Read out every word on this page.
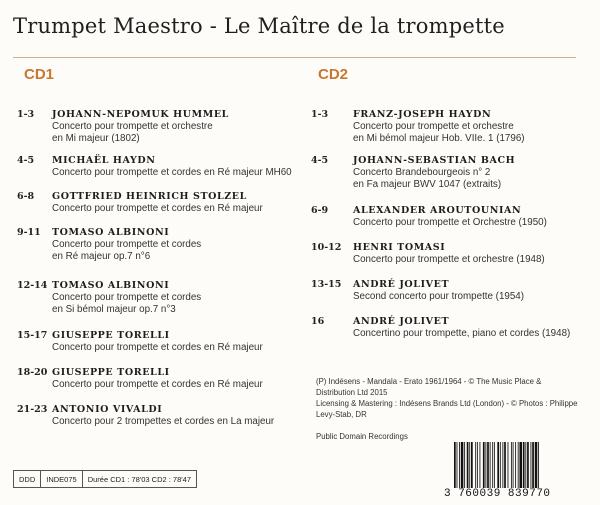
Trumpet Maestro - Le Maître de la trompette
CD1	CD2
1-3 JOHANN-NEPOMUK HUMMEL
Concerto pour trompette et orchestre
en Mi majeur (1802)
4-5 MICHAËL HAYDN
Concerto pour trompette et cordes en Ré majeur MH60
6-8 GOTTFRIED HEINRICH STOLZEL
Concerto pour trompette et cordes en Ré majeur
9-11 TOMASO ALBINONI
Concerto pour trompette et cordes
en Ré majeur op.7 n°6
12-14 TOMASO ALBINONI
Concerto pour trompette et cordes
en Si bémol majeur op.7 n°3
15-17 GIUSEPPE TORELLI
Concerto pour trompette et cordes en Ré majeur
18-20 GIUSEPPE TORELLI
Concerto pour trompette et cordes en Ré majeur
21-23 ANTONIO VIVALDI
Concerto pour 2 trompettes et cordes en La majeur
1-3	FRANZ-JOSEPH HAYDN
Concerto pour trompette et orchestre
en Mi bémol majeur Hob. VIIe. 1 (1796)
4-5	JOHANN-SEBASTIAN BACH
Concerto Brandebourgeois n° 2
en Fa majeur BWV 1047 (extraits)
6-9	ALEXANDER AROUTOUNIAN
Concerto pour trompette et Orchestre (1950)
10-12 HENRI TOMASI
Concerto pour trompette et orchestre (1948)
13-15 ANDRÉ JOLIVET
Second concerto pour trompette (1954)
16	ANDRÉ JOLIVET
Concertino pour trompette, piano et cordes (1948)
(P) Indésens - Mandala - Erato 1961/1964 - © The Music Place &
Distribution Ltd 2015
Licensing & Mastering : Indésens Brands Ltd (London) - © Photos : Philippe
Levy-Stab, DR
Public Domain Recordings
DDD	INDE075	Durée CD1 : 78'03 CD2 : 78'47
3 760039 839770
